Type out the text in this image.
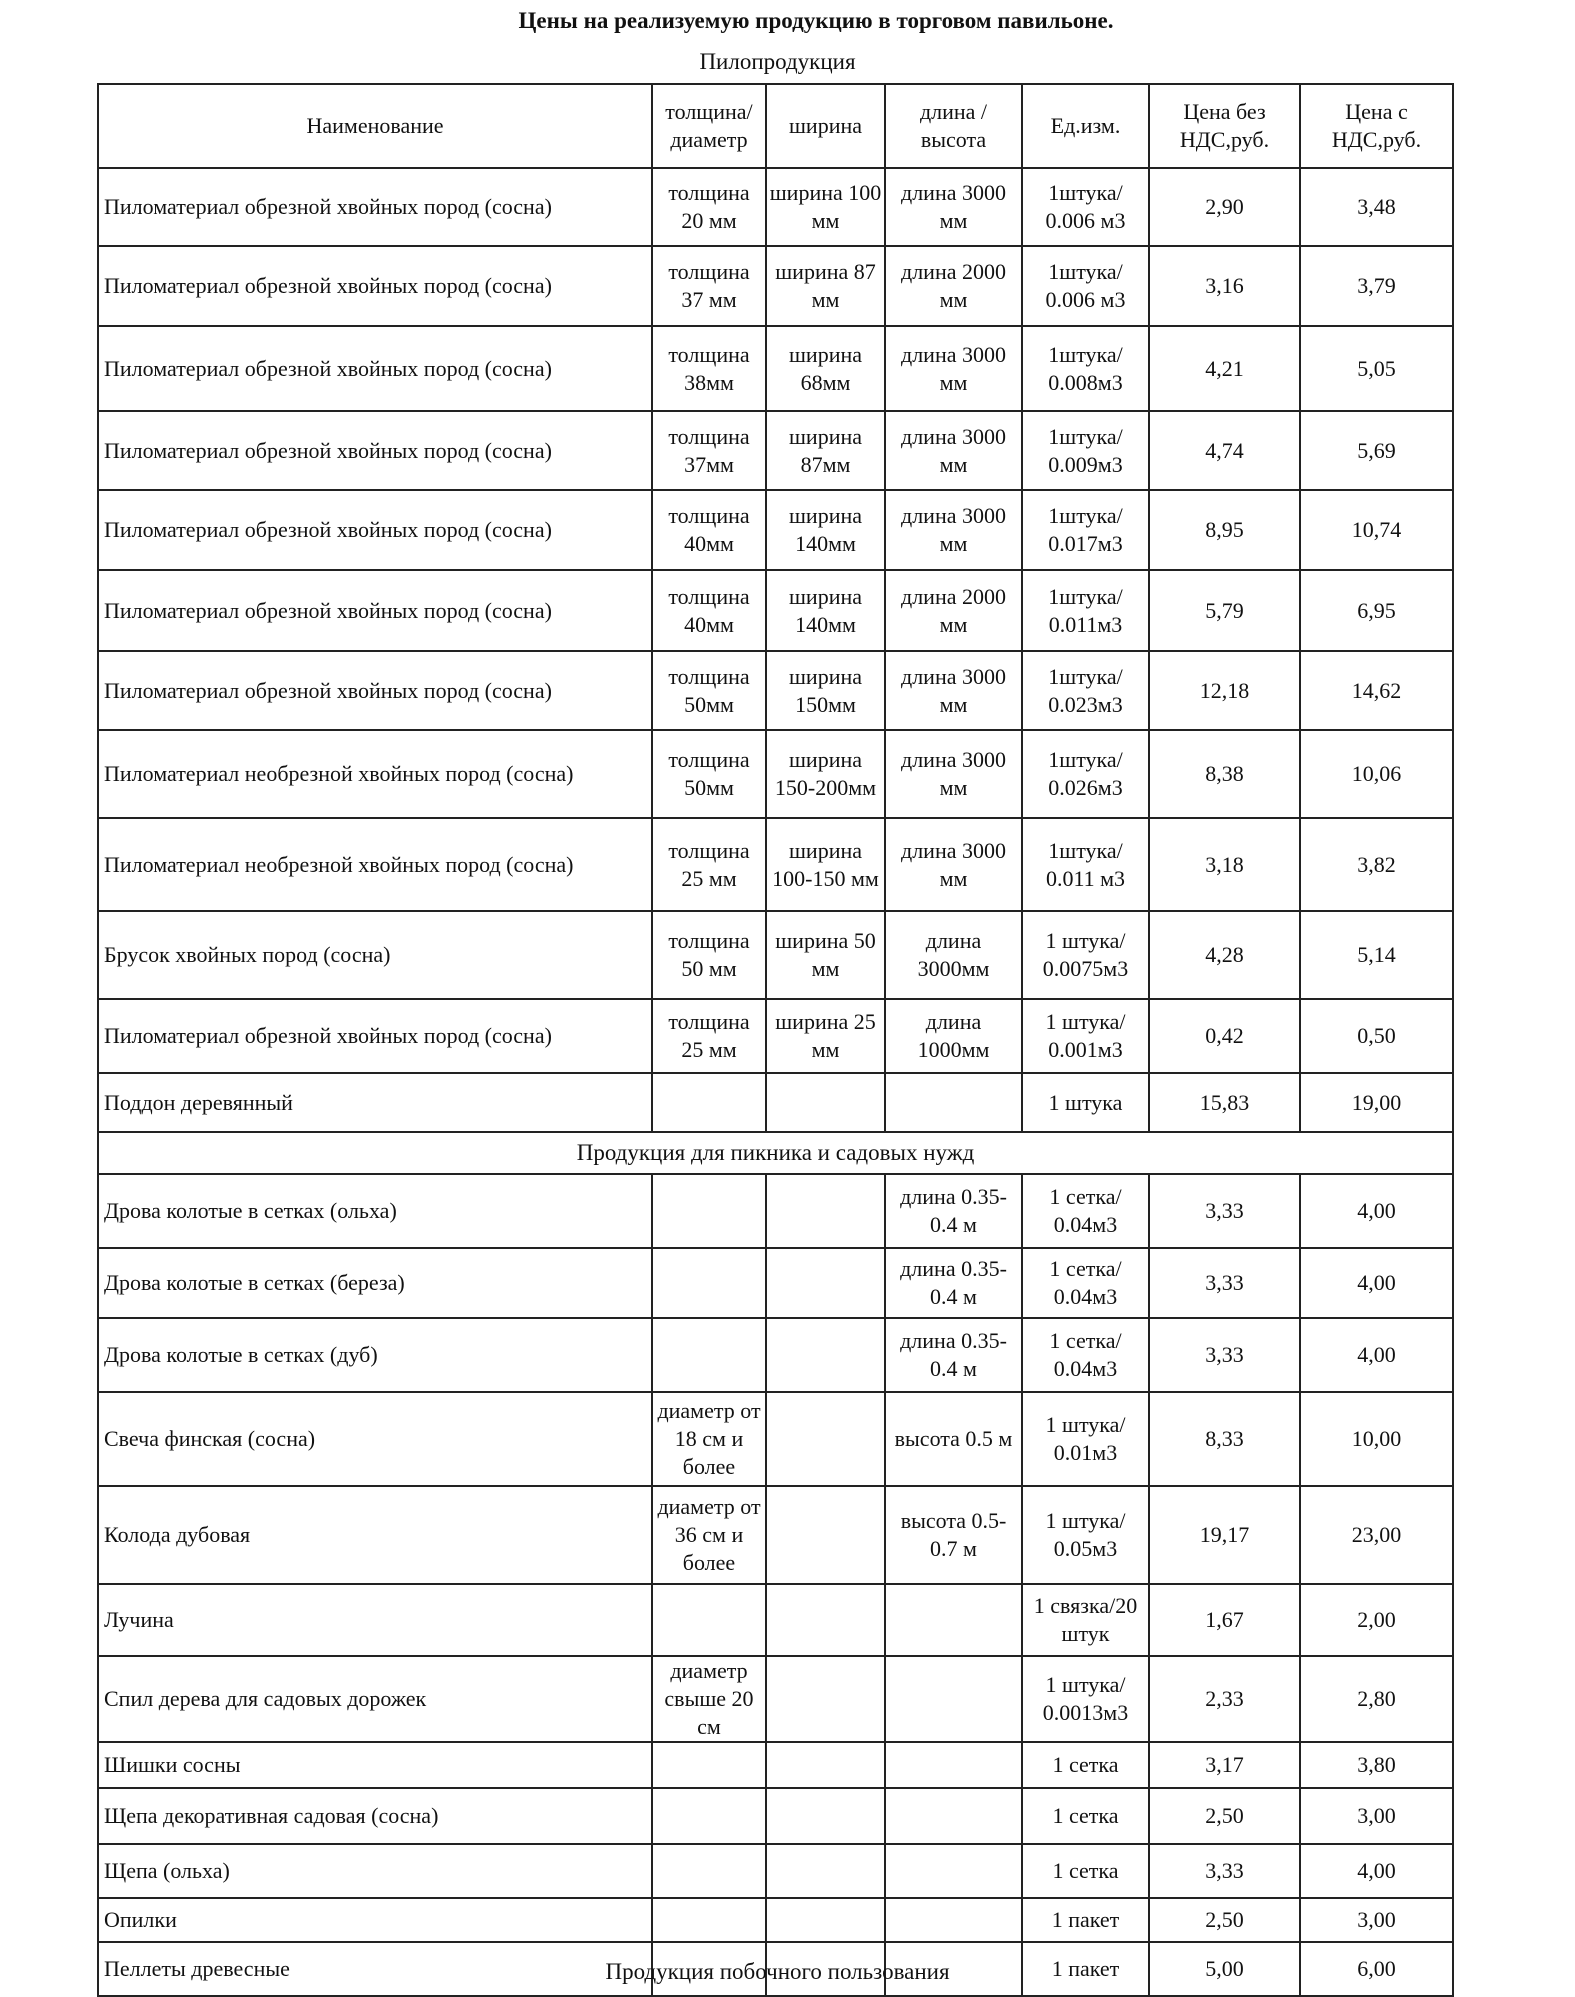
Цены на реализуемую продукцию в торговом павильоне.
Пилопродукция
Наименование	толщина/ диаметр	ширина	длина /высота	Ед.изм.	Цена без НДС,руб.	Цена с НДС,руб.
Пиломатериал обрезной хвойных пород (сосна)	толщина 20 мм	ширина 100 мм	длина 3000 мм	1штука/ 0.006 м3	2,90	3,48
Пиломатериал обрезной хвойных пород (сосна)	толщина 37 мм	ширина 87 мм	длина 2000 мм	1штука/ 0.006 м3	3,16	3,79
Пиломатериал обрезной хвойных пород (сосна)	толщина 38мм	ширина 68мм	длина 3000 мм	1штука/ 0.008м3	4,21	5,05
Пиломатериал обрезной хвойных пород (сосна)	толщина 37мм	ширина 87мм	длина 3000 мм	1штука/ 0.009м3	4,74	5,69
Пиломатериал обрезной хвойных пород (сосна)	толщина 40мм	ширина 140мм	длина 3000 мм	1штука/ 0.017м3	8,95	10,74
Пиломатериал обрезной хвойных пород (сосна)	толщина 40мм	ширина 140мм	длина 2000 мм	1штука/ 0.011м3	5,79	6,95
Пиломатериал обрезной хвойных пород (сосна)	толщина 50мм	ширина 150мм	длина 3000 мм	1штука/ 0.023м3	12,18	14,62
Пиломатериал необрезной хвойных пород (сосна)	толщина 50мм	ширина 150-200мм	длина 3000 мм	1штука/ 0.026м3	8,38	10,06
Пиломатериал необрезной хвойных пород (сосна)	толщина 25 мм	ширина 100-150 мм	длина 3000 мм	1штука/ 0.011 м3	3,18	3,82
Брусок хвойных пород (сосна)	толщина 50 мм	ширина 50 мм	длина 3000мм	1 штука/ 0.0075м3	4,28	5,14
Пиломатериал обрезной хвойных пород (сосна)	толщина 25 мм	ширина 25 мм	длина 1000мм	1 штука/ 0.001м3	0,42	0,50
Поддон деревянный				1 штука	15,83	19,00
Продукция для пикника и садовых нужд						
Дрова колотые в сетках (ольха)			длина 0.35- 0.4 м	1 сетка/ 0.04м3	3,33	4,00
Дрова колотые в сетках (береза)			длина 0.35- 0.4 м	1 сетка/ 0.04м3	3,33	4,00
Дрова колотые в сетках (дуб)			длина 0.35- 0.4 м	1 сетка/ 0.04м3	3,33	4,00
Свеча финская (сосна)	диаметр от 18 см и более		высота 0.5 м	1 штука/ 0.01м3	8,33	10,00
Колода дубовая	диаметр от 36 см и более		высота 0.5- 0.7 м	1 штука/ 0.05м3	19,17	23,00
Лучина				1 связка/20 штук	1,67	2,00
Спил дерева для садовых дорожек	диаметр свыше 20 см			1 штука/ 0.0013м3	2,33	2,80
Шишки сосны				1 сетка	3,17	3,80
Щепа декоративная садовая (сосна)				1 сетка	2,50	3,00
Щепа (ольха)				1 сетка	3,33	4,00
Опилки				1 пакет	2,50	3,00
Пеллеты древесные				1 пакет	5,00	6,00
Продукция побочного пользования
